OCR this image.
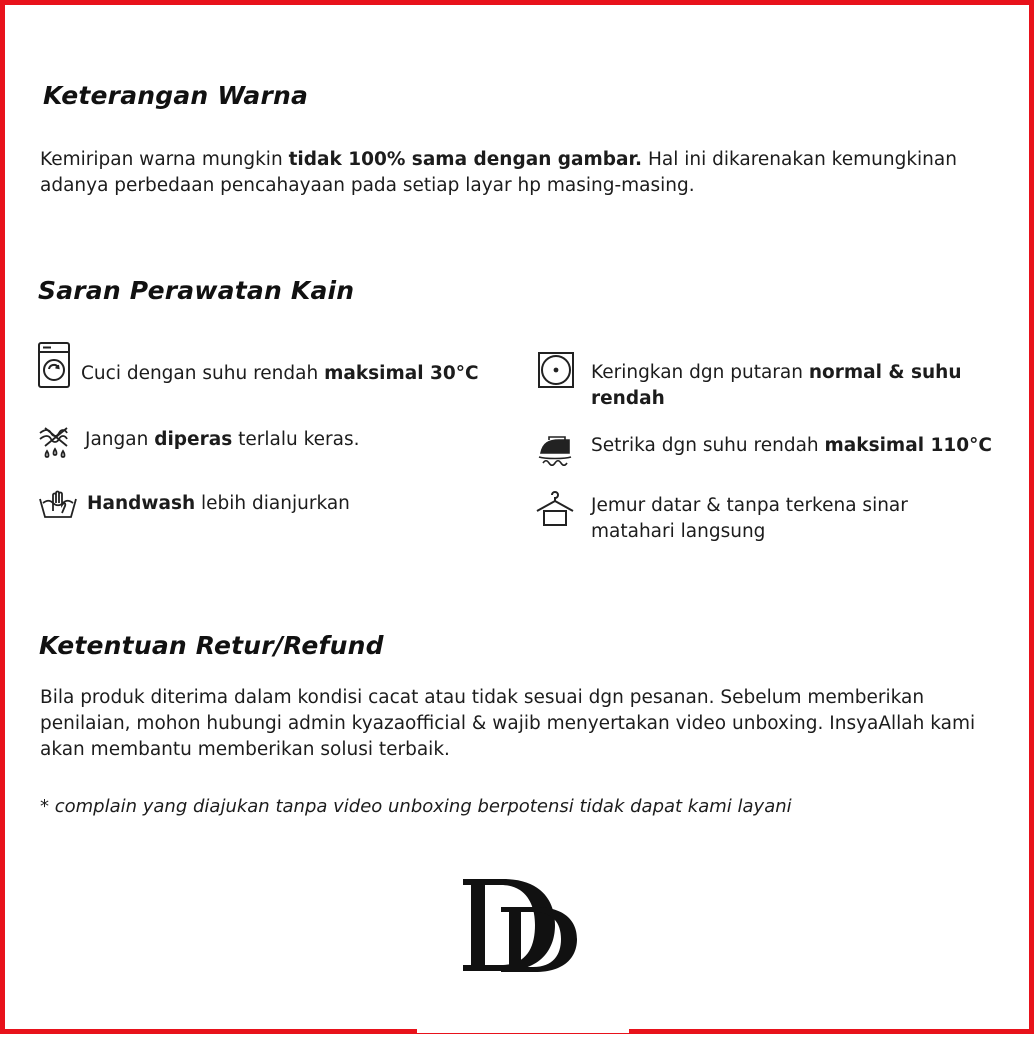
Keterangan Warna
Kemiripan warna mungkin tidak 100% sama dengan gambar. Hal ini dikarenakan kemungkinan adanya perbedaan pencahayaan pada setiap layar hp masing-masing.
Saran Perawatan Kain
Cuci dengan suhu rendah maksimal 30°C
Jangan diperas terlalu keras.
Handwash lebih dianjurkan
Keringkan dgn putaran normal & suhu rendah
Setrika dgn suhu rendah maksimal 110°C
Jemur datar & tanpa terkena sinar matahari langsung
Ketentuan Retur/Refund
Bila produk diterima dalam kondisi cacat atau tidak sesuai dgn pesanan. Sebelum memberikan penilaian, mohon hubungi admin kyazaofficial & wajib menyertakan video unboxing. InsyaAllah kami akan membantu memberikan solusi terbaik.
* complain yang diajukan tanpa video unboxing berpotensi tidak dapat kami layani
